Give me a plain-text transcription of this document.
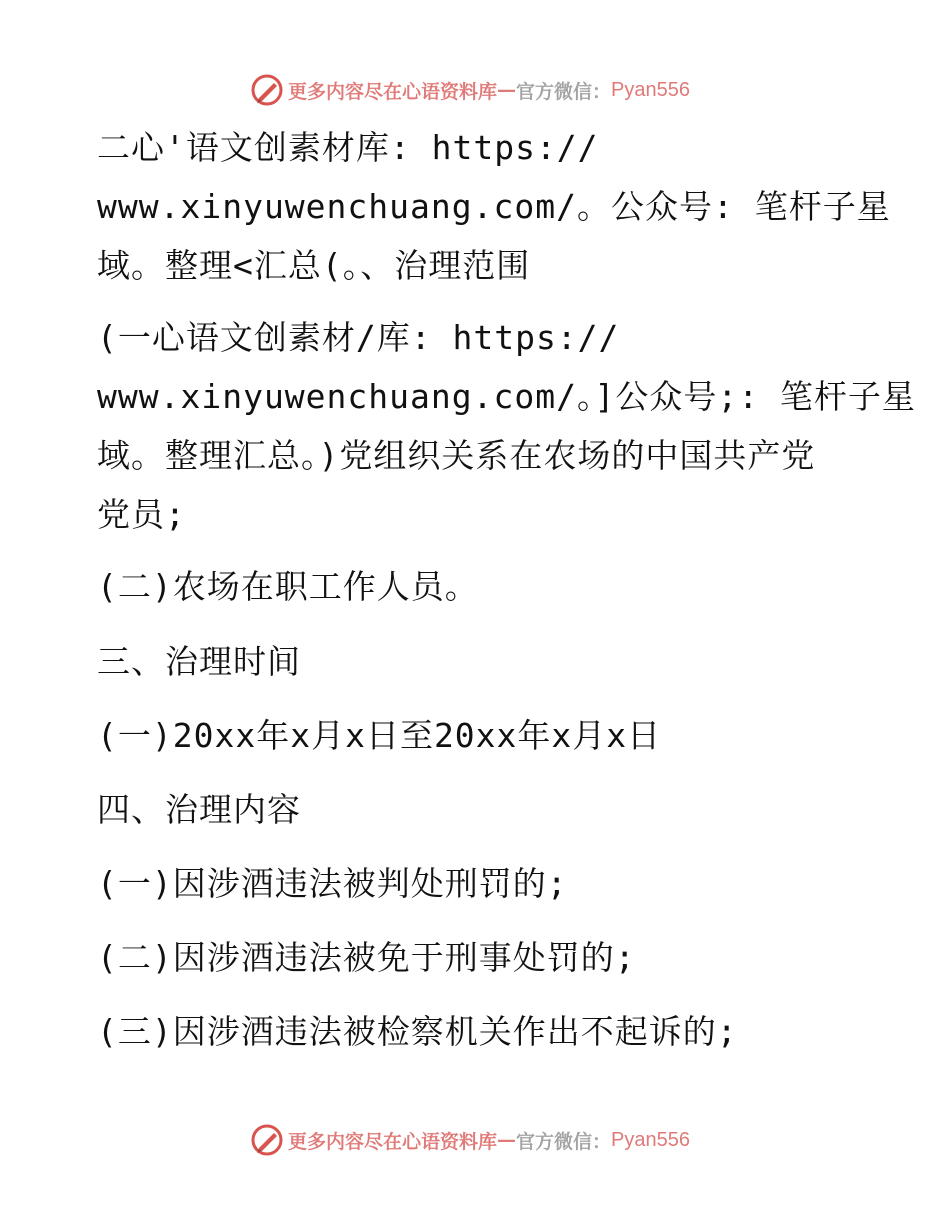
更多内容尽在心语资料库 — 官方微信： Pyan556
二心'语文创素材库: https://
www.xinyuwenchuang.com/。公众号: 笔杆子星
域。整理<汇总(。、治理范围
(一心语文创素材/库: https://
www.xinyuwenchuang.com/。]公众号;: 笔杆子星
域。整理汇总。)党组织关系在农场的中国共产党
党员;
(二)农场在职工作人员。
三、治理时间
(一)20xx年x月x日至20xx年x月x日
四、治理内容
(一)因涉酒违法被判处刑罚的;
(二)因涉酒违法被免于刑事处罚的;
(三)因涉酒违法被检察机关作出不起诉的;
更多内容尽在心语资料库 — 官方微信： Pyan556
